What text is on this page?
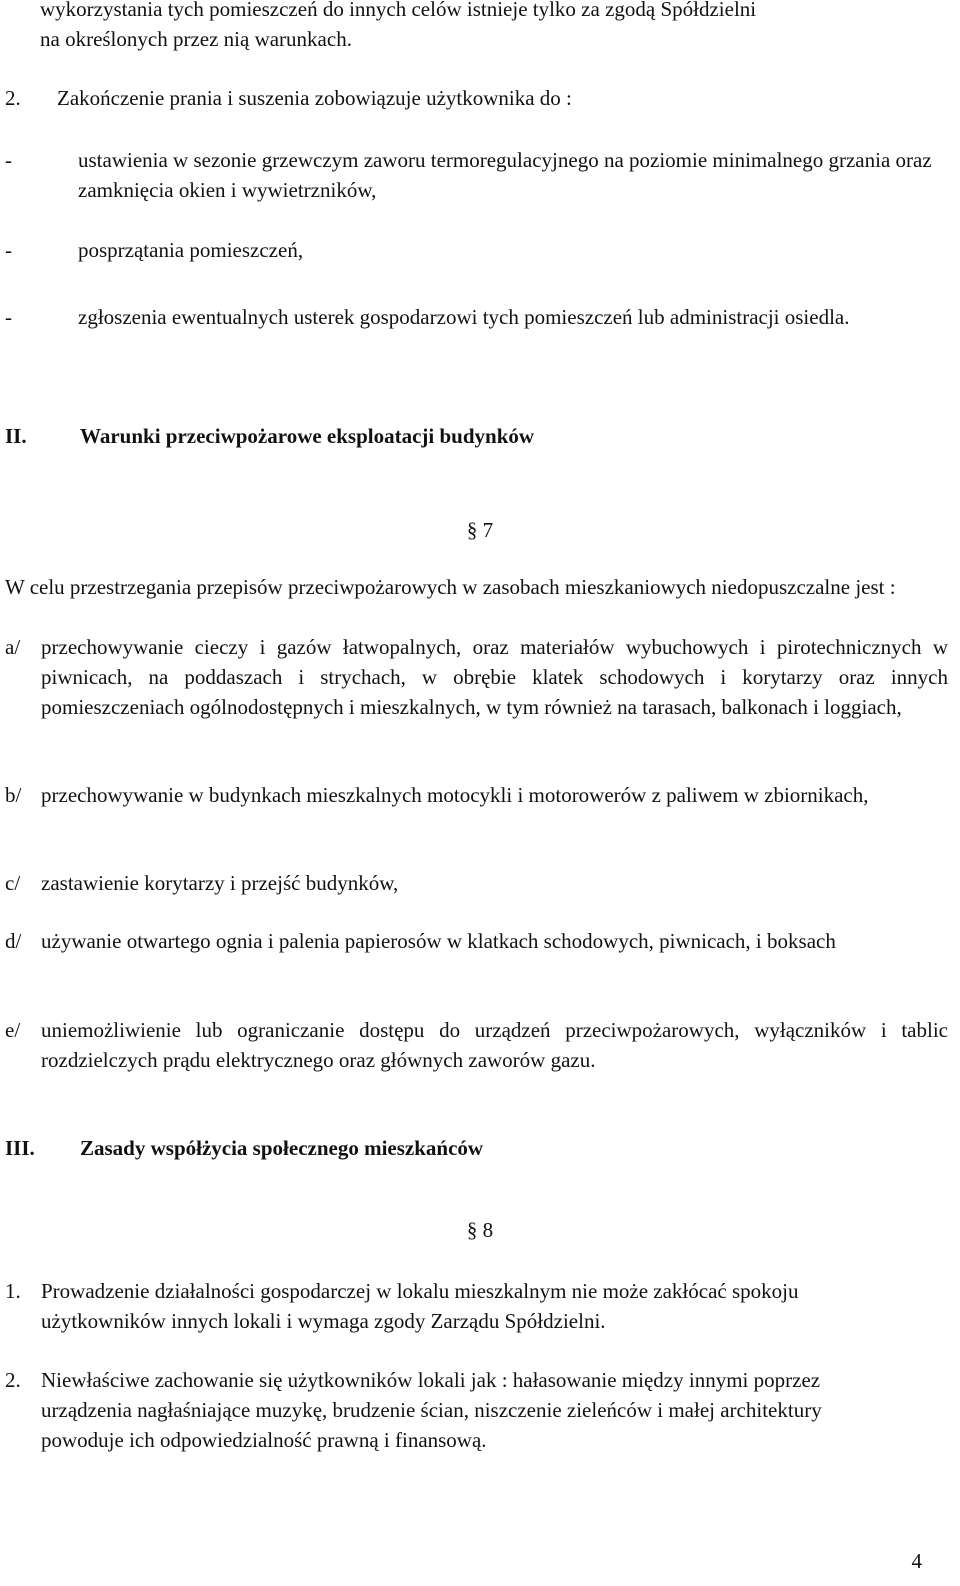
wykorzystania tych pomieszczeń do innych celów istnieje tylko za zgodą Spółdzielni
na określonych przez nią warunkach.
2.	Zakończenie prania i suszenia zobowiązuje użytkownika do :
-	ustawienia w sezonie grzewczym zaworu termoregulacyjnego na poziomie minimalnego grzania oraz zamknięcia okien i wywietrzników,
-	posprzątania pomieszczeń,
-	zgłoszenia ewentualnych usterek gospodarzowi tych pomieszczeń lub administracji osiedla.
II.	Warunki przeciwpożarowe eksploatacji budynków
§ 7
W celu przestrzegania przepisów przeciwpożarowych w zasobach mieszkaniowych niedopuszczalne jest :
a/ przechowywanie cieczy i gazów łatwopalnych, oraz materiałów wybuchowych i pirotechnicznych w piwnicach, na poddaszach i strychach, w obrębie klatek schodowych i korytarzy oraz innych pomieszczeniach ogólnodostępnych i mieszkalnych, w tym również na tarasach, balkonach i loggiach,
b/ przechowywanie w budynkach mieszkalnych motocykli i motorowerów z paliwem w zbiornikach,
c/ zastawienie korytarzy i przejść budynków,
d/ używanie otwartego ognia i palenia papierosów w klatkach schodowych, piwnicach, i boksach
e/ uniemożliwienie lub ograniczanie dostępu do urządzeń przeciwpożarowych, wyłączników i tablic rozdzielczych prądu elektrycznego oraz głównych zaworów gazu.
III.	Zasady współżycia społecznego mieszkańców
§ 8
1. Prowadzenie działalności gospodarczej w lokalu mieszkalnym nie może zakłócać spokoju użytkowników innych lokali i wymaga zgody Zarządu Spółdzielni.
2. Niewłaściwe zachowanie się użytkowników lokali jak : hałasowanie między innymi poprzez urządzenia nagłaśniające muzykę, brudzenie ścian, niszczenie zieleńców i małej architektury powoduje ich odpowiedzialność prawną i finansową.
4
